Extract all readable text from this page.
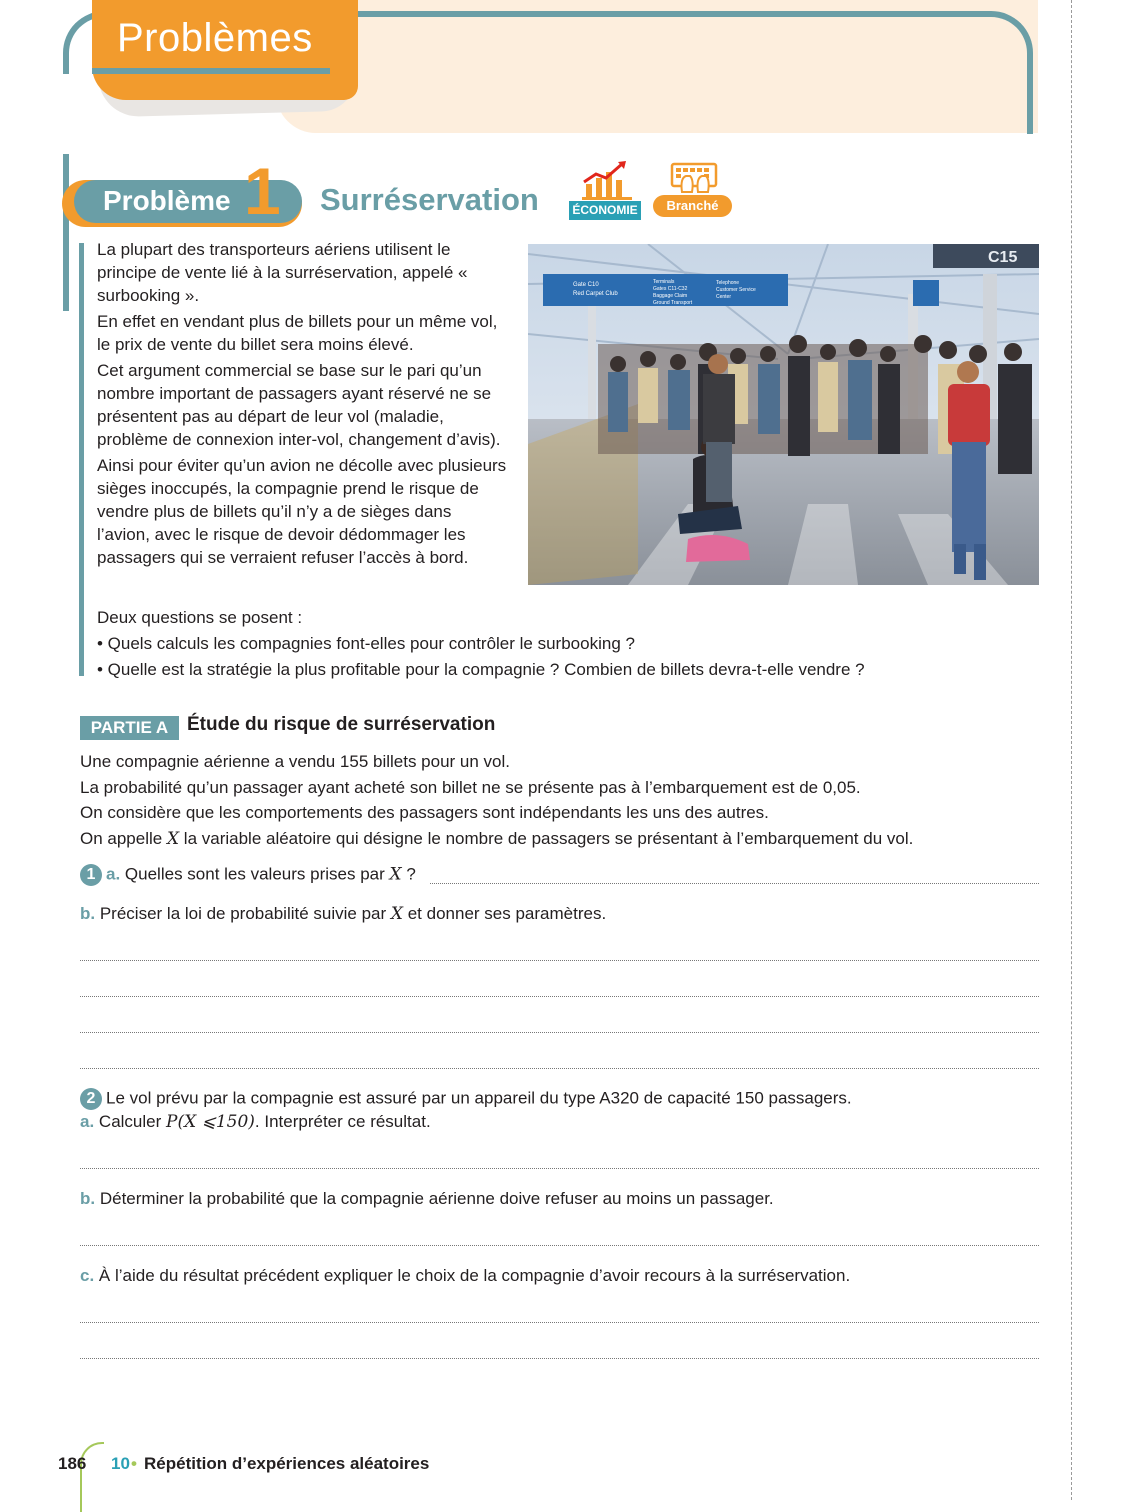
Problèmes
Problème 1 Surréservation	ÉCONOMIE	Branché

La plupart des transporteurs aériens utilisent le principe de vente lié à la surréservation, appelé « surbooking ».

En effet en vendant plus de billets pour un même vol, le prix de vente du billet sera moins élevé.

Cet argument commercial se base sur le pari qu’un nombre important de passagers ayant réservé ne se présentent pas au départ de leur vol (maladie, problème de connexion inter-vol, changement d’avis).

Ainsi pour éviter qu’un avion ne décolle avec plusieurs sièges inoccupés, la compagnie prend le risque de vendre plus de billets qu’il n’y a de sièges dans l’avion, avec le risque de devoir dédommager les passagers qui se verraient refuser l’accès à bord.

C15
Gate C10
Red Carpet Club
Terminals
Gates C11-C32
Baggage Claim
Ground Transport
Telephone
Customer Service
Center
Deux questions se posent :
• Quels calculs les compagnies font-elles pour contrôler le surbooking ?
• Quelle est la stratégie la plus profitable pour la compagnie ? Combien de billets devra-t-elle vendre ?
PARTIE A Étude du risque de surréservation
Une compagnie aérienne a vendu 155 billets pour un vol.
La probabilité qu’un passager ayant acheté son billet ne se présente pas à l’embarquement est de 0,05.
On considère que les comportements des passagers sont indépendants les uns des autres.
On appelle X la variable aléatoire qui désigne le nombre de passagers se présentant à l’embarquement du vol.
1 a. Quelles sont les valeurs prises par X ?
b. Préciser la loi de probabilité suivie par X et donner ses paramètres.
2 Le vol prévu par la compagnie est assuré par un appareil du type A320 de capacité 150 passagers.
a. Calculer P(X ⩽150). Interpréter ce résultat.
b. Déterminer la probabilité que la compagnie aérienne doive refuser au moins un passager.
c. À l’aide du résultat précédent expliquer le choix de la compagnie d’avoir recours à la surréservation.
186 10 • Répétition d’expériences aléatoires
